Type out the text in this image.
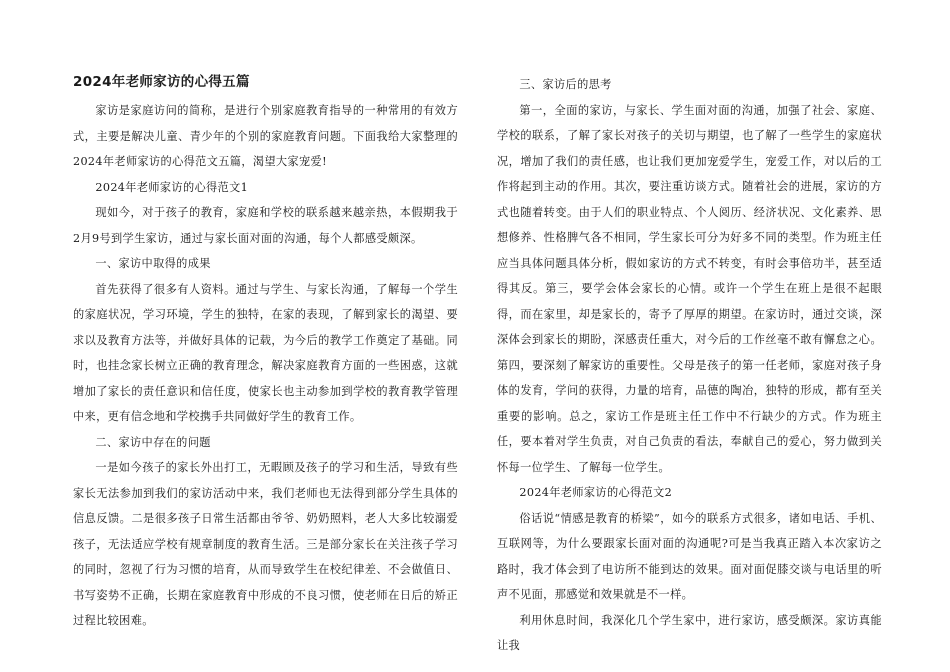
2024年老师家访的心得五篇

家访是家庭访问的简称，是进行个别家庭教育指导的一种常用的有效方式，主要是解决儿童、青少年的个别的家庭教育问题。下面我给大家整理的2024年老师家访的心得范文五篇，渴望大家宠爱!

2024年老师家访的心得范文1

现如今，对于孩子的教育，家庭和学校的联系越来越亲热，本假期我于2月9号到学生家访，通过与家长面对面的沟通，每个人都感受颇深。

一、家访中取得的成果

首先获得了很多有人资料。通过与学生、与家长沟通，了解每一个学生的家庭状况，学习环境，学生的独特，在家的表现，了解到家长的渴望、要求以及教育方法等，并做好具体的记载，为今后的教学工作奠定了基础。同时，也挂念家长树立正确的教育理念，解决家庭教育方面的一些困惑，这就增加了家长的责任意识和信任度，使家长也主动参加到学校的教育教学管理中来，更有信念地和学校携手共同做好学生的教育工作。

二、家访中存在的问题

一是如今孩子的家长外出打工，无暇顾及孩子的学习和生活，导致有些家长无法参加到我们的家访活动中来，我们老师也无法得到部分学生具体的信息反馈。二是很多孩子日常生活都由爷爷、奶奶照料，老人大多比较溺爱孩子，无法适应学校有规章制度的教育生活。三是部分家长在关注孩子学习的同时，忽视了行为习惯的培育，从而导致学生在校纪律差、不会做值日、书写姿势不正确，长期在家庭教育中形成的不良习惯，使老师在日后的矫正过程比较困难。

三、家访后的思考

第一，全面的家访，与家长、学生面对面的沟通，加强了社会、家庭、学校的联系，了解了家长对孩子的关切与期望，也了解了一些学生的家庭状况，增加了我们的责任感，也让我们更加宠爱学生，宠爱工作，对以后的工作将起到主动的作用。其次，要注重访谈方式。随着社会的进展，家访的方式也随着转变。由于人们的职业特点、个人阅历、经济状况、文化素养、思想修养、性格脾气各不相同，学生家长可分为好多不同的类型。作为班主任应当具体问题具体分析，假如家访的方式不转变，有时会事倍功半，甚至适得其反。第三，要学会体会家长的心情。或许一个学生在班上是很不起眼得，而在家里，却是家长的，寄予了厚厚的期望。在家访时，通过交谈，深深体会到家长的期盼，深感责任重大，对今后的工作丝毫不敢有懈怠之心。第四，要深刻了解家访的重要性。父母是孩子的第一任老师，家庭对孩子身体的发育，学问的获得，力量的培育，品德的陶冶，独特的形成，都有至关重要的影响。总之，家访工作是班主任工作中不行缺少的方式。作为班主任，要本着对学生负责，对自己负责的看法，奉献自己的爱心，努力做到关怀每一位学生、了解每一位学生。

2024年老师家访的心得范文2

俗话说“情感是教育的桥梁”，如今的联系方式很多，诸如电话、手机、互联网等，为什么要跟家长面对面的沟通呢?可是当我真正踏入本次家访之路时，我才体会到了电访所不能到达的效果。面对面促膝交谈与电话里的听声不见面，那感觉和效果就是不一样。

利用休息时间，我深化几个学生家中，进行家访，感受颇深。家访真能让我
